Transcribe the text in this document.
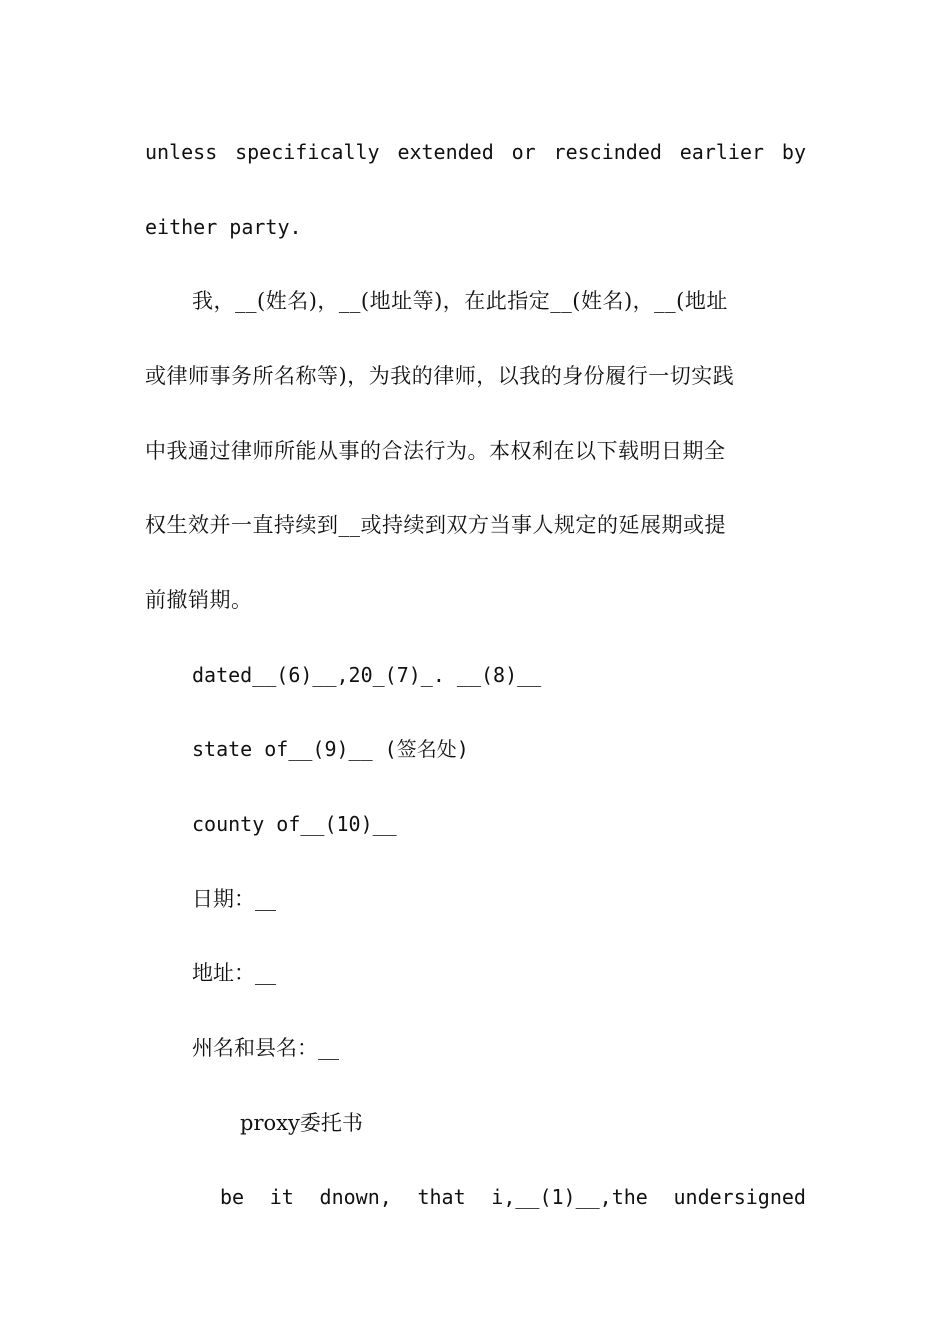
unless specifically extended or rescinded earlier by
either party.
我，__(姓名)，__(地址等)，在此指定__(姓名)，__(地址
或律师事务所名称等)，为我的律师，以我的身份履行一切实践
中我通过律师所能从事的合法行为。本权利在以下载明日期全
权生效并一直持续到__或持续到双方当事人规定的延展期或提
前撤销期。
dated__(6)__,20_(7)_. __(8)__
state of__(9)__ (签名处)
county of__(10)__
日期：__
地址：__
州名和县名：__
proxy委托书
be it dnown, that i,__(1)__,the undersigned
